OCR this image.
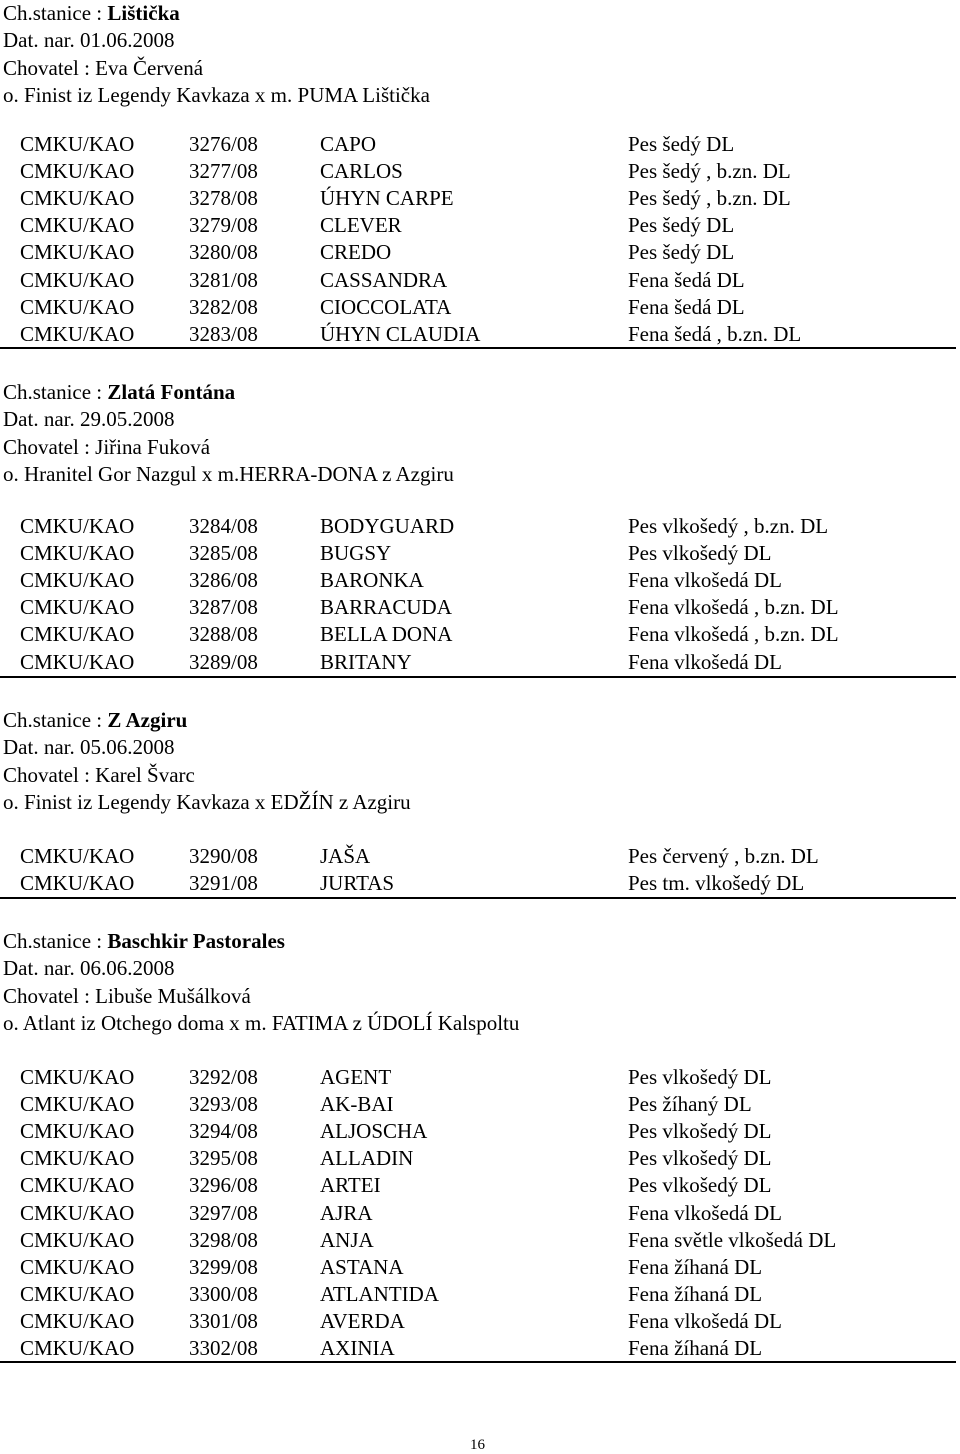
Ch.stanice : Lištička
Dat. nar. 01.06.2008
Chovatel : Eva Červená
o. Finist iz Legendy Kavkaza x m. PUMA Lištička
CMKU/KAO	3276/08	CAPO	Pes šedý DL
CMKU/KAO	3277/08	CARLOS	Pes šedý , b.zn. DL
CMKU/KAO	3278/08	ÚHYN CARPE	Pes šedý , b.zn. DL
CMKU/KAO	3279/08	CLEVER	Pes šedý DL
CMKU/KAO	3280/08	CREDO	Pes šedý DL
CMKU/KAO	3281/08	CASSANDRA	Fena šedá DL
CMKU/KAO	3282/08	CIOCCOLATA	Fena šedá DL
CMKU/KAO	3283/08	ÚHYN CLAUDIA	Fena šedá , b.zn. DL
Ch.stanice : Zlatá Fontána
Dat. nar. 29.05.2008
Chovatel : Jiřina Fuková
o. Hranitel Gor Nazgul x m.HERRA-DONA z Azgiru
CMKU/KAO	3284/08	BODYGUARD	Pes vlkošedý , b.zn. DL
CMKU/KAO	3285/08	BUGSY	Pes vlkošedý DL
CMKU/KAO	3286/08	BARONKA	Fena vlkošedá DL
CMKU/KAO	3287/08	BARRACUDA	Fena vlkošedá , b.zn. DL
CMKU/KAO	3288/08	BELLA DONA	Fena vlkošedá , b.zn. DL
CMKU/KAO	3289/08	BRITANY	Fena vlkošedá DL
Ch.stanice : Z Azgiru
Dat. nar. 05.06.2008
Chovatel : Karel Švarc
o. Finist iz Legendy Kavkaza x EDŽÍN z Azgiru
CMKU/KAO	3290/08	JAŠA	Pes červený , b.zn. DL
CMKU/KAO	3291/08	JURTAS	Pes tm. vlkošedý DL
Ch.stanice : Baschkir Pastorales
Dat. nar. 06.06.2008
Chovatel : Libuše Mušálková
o. Atlant iz Otchego doma x m. FATIMA z ÚDOLÍ Kalspoltu
CMKU/KAO	3292/08	AGENT	Pes vlkošedý DL
CMKU/KAO	3293/08	AK-BAI	Pes žíhaný DL
CMKU/KAO	3294/08	ALJOSCHA	Pes vlkošedý DL
CMKU/KAO	3295/08	ALLADIN	Pes vlkošedý DL
CMKU/KAO	3296/08	ARTEI	Pes vlkošedý DL
CMKU/KAO	3297/08	AJRA	Fena vlkošedá DL
CMKU/KAO	3298/08	ANJA	Fena světle vlkošedá DL
CMKU/KAO	3299/08	ASTANA	Fena žíhaná DL
CMKU/KAO	3300/08	ATLANTIDA	Fena žíhaná DL
CMKU/KAO	3301/08	AVERDA	Fena vlkošedá DL
CMKU/KAO	3302/08	AXINIA	Fena žíhaná DL
16
